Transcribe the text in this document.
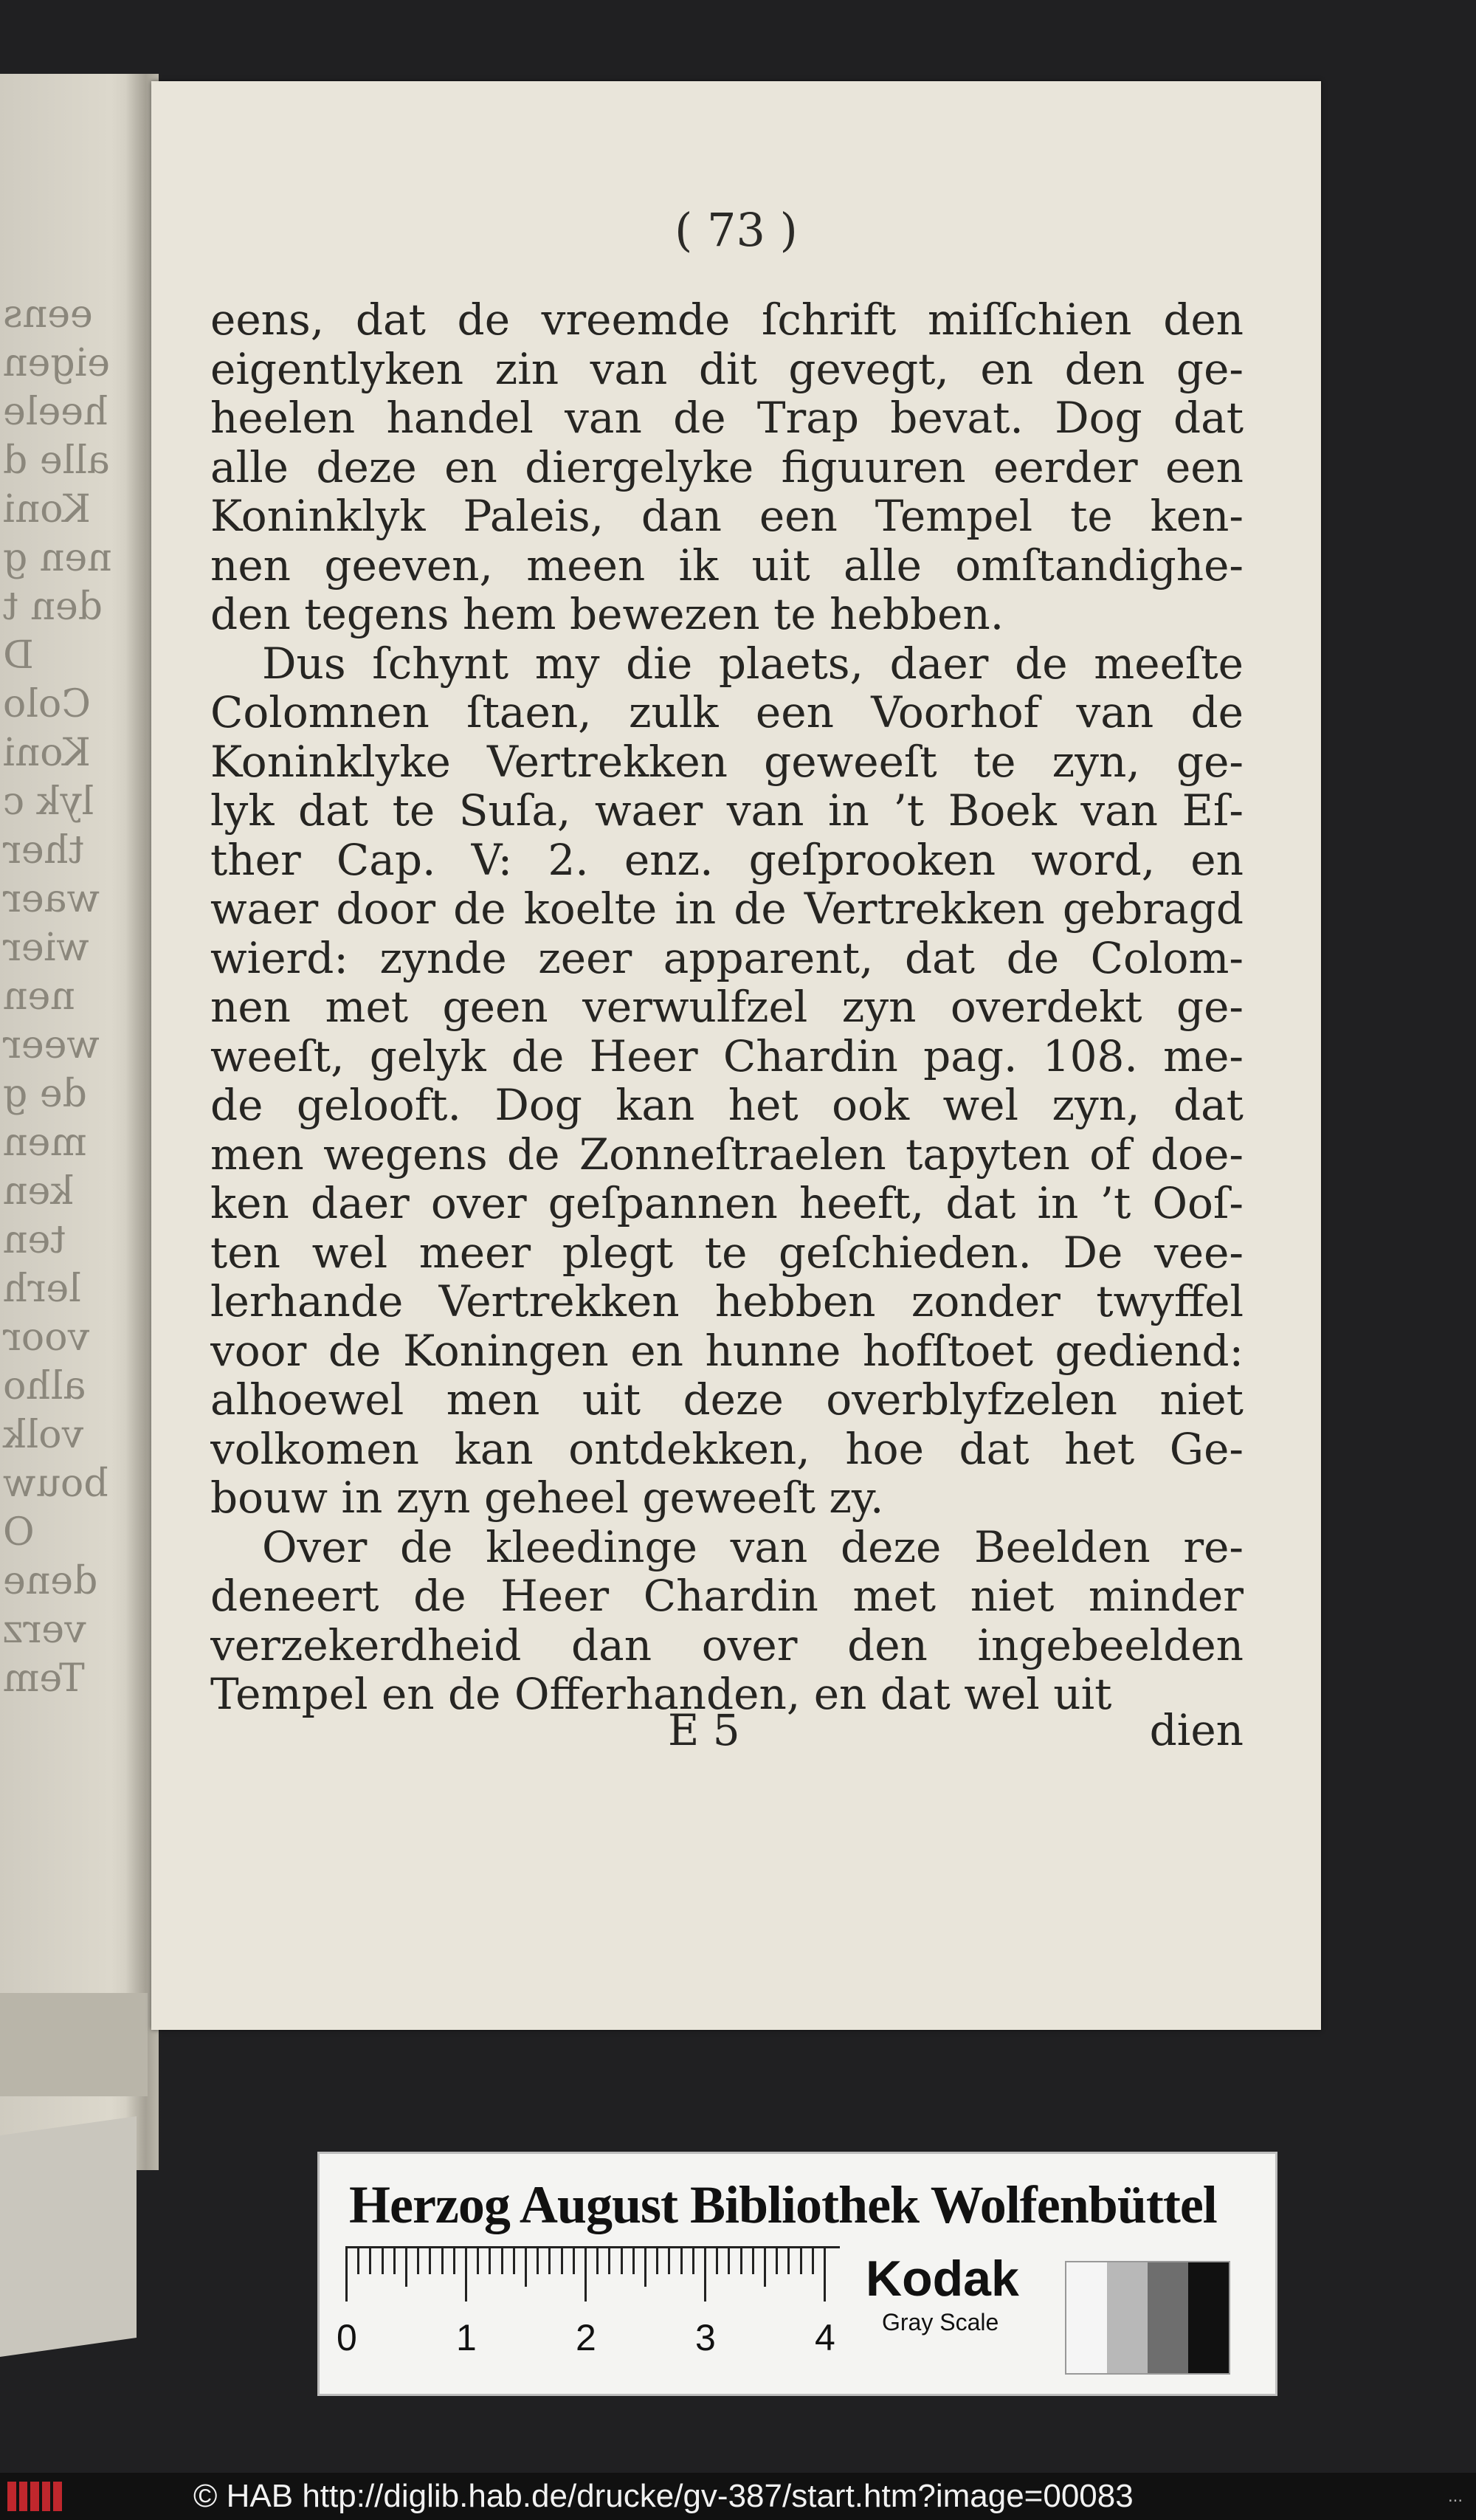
eens
eigen
heele
alle d
Koni
nen g
den t
D
Colo
Koni
lyk c
ther
waer
wier
nen
weer
de g
men
ken
ten
lerh
voor
alho
volk
bouw
O
dene
verz
Tem
( 73 )
eens, dat de vreemde ſchrift miſſchien den
eigentlyken zin van dit gevegt, en den ge-
heelen handel van de Trap bevat. Dog dat
alle deze en diergelyke figuuren eerder een
Koninklyk Paleis, dan een Tempel te ken-
nen geeven, meen ik uit alle omſtandighe-
den tegens hem bewezen te hebben.
Dus ſchynt my die plaets, daer de meeſte
Colomnen ſtaen, zulk een Voorhof van de
Koninklyke Vertrekken geweeſt te zyn, ge-
lyk dat te Suſa, waer van in ’t Boek van Eſ-
ther Cap. V: 2. enz. geſprooken word, en
waer door de koelte in de Vertrekken gebragd
wierd: zynde zeer apparent, dat de Colom-
nen met geen verwulfzel zyn overdekt ge-
weeſt, gelyk de Heer Chardin pag. 108. me-
de gelooft. Dog kan het ook wel zyn, dat
men wegens de Zonneſtraelen tapyten of doe-
ken daer over geſpannen heeft, dat in ’t Ooſ-
ten wel meer plegt te geſchieden. De vee-
lerhande Vertrekken hebben zonder twyffel
voor de Koningen en hunne hofſtoet gediend:
alhoewel men uit deze overblyfzelen niet
volkomen kan ontdekken, hoe dat het Ge-
bouw in zyn geheel geweeſt zy.
Over de kleedinge van deze Beelden re-
deneert de Heer Chardin met niet minder
verzekerdheid dan over den ingebeelden
Tempel en de Offerhanden, en dat wel uit
E 5	dien
Herzog August Bibliothek Wolfenbüttel
0	1	2	3	4
Kodak
Gray Scale
© HAB http://diglib.hab.de/drucke/gv-387/start.htm?image=00083	...
